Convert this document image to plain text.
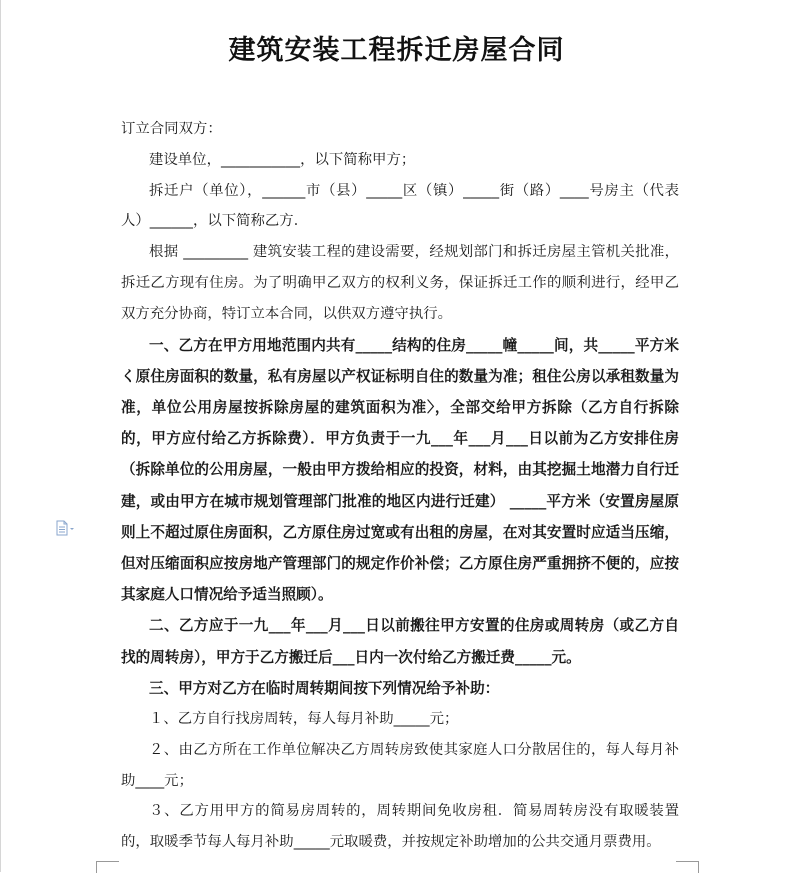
建筑安装工程拆迁房屋合同

订立合同双方：

建设单位，___________，以下简称甲方；

拆迁户（单位），______市（县）_____区（镇）_____街（路）____号房主（代表人）______，以下简称乙方．

根据 _________ 建筑安装工程的建设需要，经规划部门和拆迁房屋主管机关批准，拆迁乙方现有住房。为了明确甲乙双方的权利义务，保证拆迁工作的顺利进行，经甲乙双方充分协商，特订立本合同，以供双方遵守执行。

一、乙方在甲方用地范围内共有_____结构的住房_____幢_____间，共_____平方米く原住房面积的数量，私有房屋以产权证标明自住的数量为准；租住公房以承租数量为准，单位公用房屋按拆除房屋的建筑面积为准〉，全部交给甲方拆除（乙方自行拆除的，甲方应付给乙方拆除费）．甲方负责于一九___年___月___日以前为乙方安排住房（拆除单位的公用房屋，一般由甲方拨给相应的投资，材料，由其挖掘土地潜力自行迁建，或由甲方在城市规划管理部门批准的地区内进行迁建） _____平方米（安置房屋原则上不超过原住房面积，乙方原住房过宽或有出租的房屋，在对其安置时应适当压缩，但对压缩面积应按房地产管理部门的规定作价补偿；乙方原住房严重拥挤不便的，应按其家庭人口情况给予适当照顾）。

二、乙方应于一九___年___月___日以前搬往甲方安置的住房或周转房（或乙方自找的周转房），甲方于乙方搬迁后___日内一次付给乙方搬迁费_____元。

三、甲方对乙方在临时周转期间按下列情况给予补助：

１、乙方自行找房周转，每人每月补助_____元；

２、由乙方所在工作单位解决乙方周转房致使其家庭人口分散居住的，每人每月补助____元；

３、乙方用甲方的简易房周转的，周转期间免收房租．简易周转房没有取暖装置的，取暖季节每人每月补助_____元取暖费，并按规定补助增加的公共交通月票费用。
